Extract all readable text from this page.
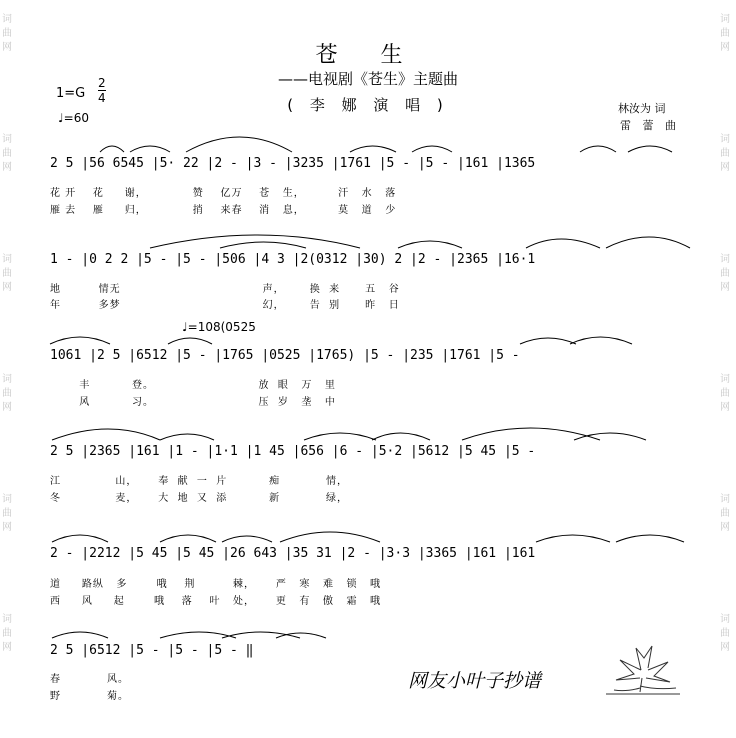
词
曲
网
词
曲
网
词
曲
网
词
曲
网
词
曲
网
词
曲
网
词
曲
网
词
曲
网
词
曲
网
词
曲
网
词
曲
网
词
曲
网
苍 生
——电视剧《苍生》主题曲
( 李 娜 演 唱 )
1=G
2
4
♩=60
林汝为 词
雷 蕾 曲
2 5 |56 6545 |5· 22 |2 - |3 - |3235 |1761 |5 - |5 - |161 |1365
花 开    花     谢，           赞    亿万    苍   生，        汗   水   落
雁 去    雁     归，           捎    来春    消   息，        莫   道   少
1 - |0 2 2 |5 - |5 - |506 |4 3 |2(0312 |30) 2 |2 - |2365 |16·1
地         情无                                  声，      换  来      五   谷
年         多梦                                  幻，      告  别      昨   日
♩=108(0525
1061 |2 5 |6512 |5 - |1765 |0525 |1765) |5 - |235 |1761 |5 -
丰          登。                         放  眼   万   里
风          习。                         压  岁   垄   中
2 5 |2365 |161 |1 - |1·1 |1 45 |656 |6 - |5·2 |5612 |5 45 |5 -
江             山，     奉  献  一  片          痴           情，
冬             麦，     大  地  又  添          新           绿，
2 - |2212 |5 45 |5 45 |26 643 |35 31 |2 - |3·3 |3365 |161 |161
道     路纵   多       哦    荆         棘，     严   寒   难   锁   哦
西     风     起       哦    落    叶   处，     更   有   傲   霜   哦
2 5 |6512 |5 - |5 - |5 - ‖
春           风。
野           菊。
网友小叶子抄谱
